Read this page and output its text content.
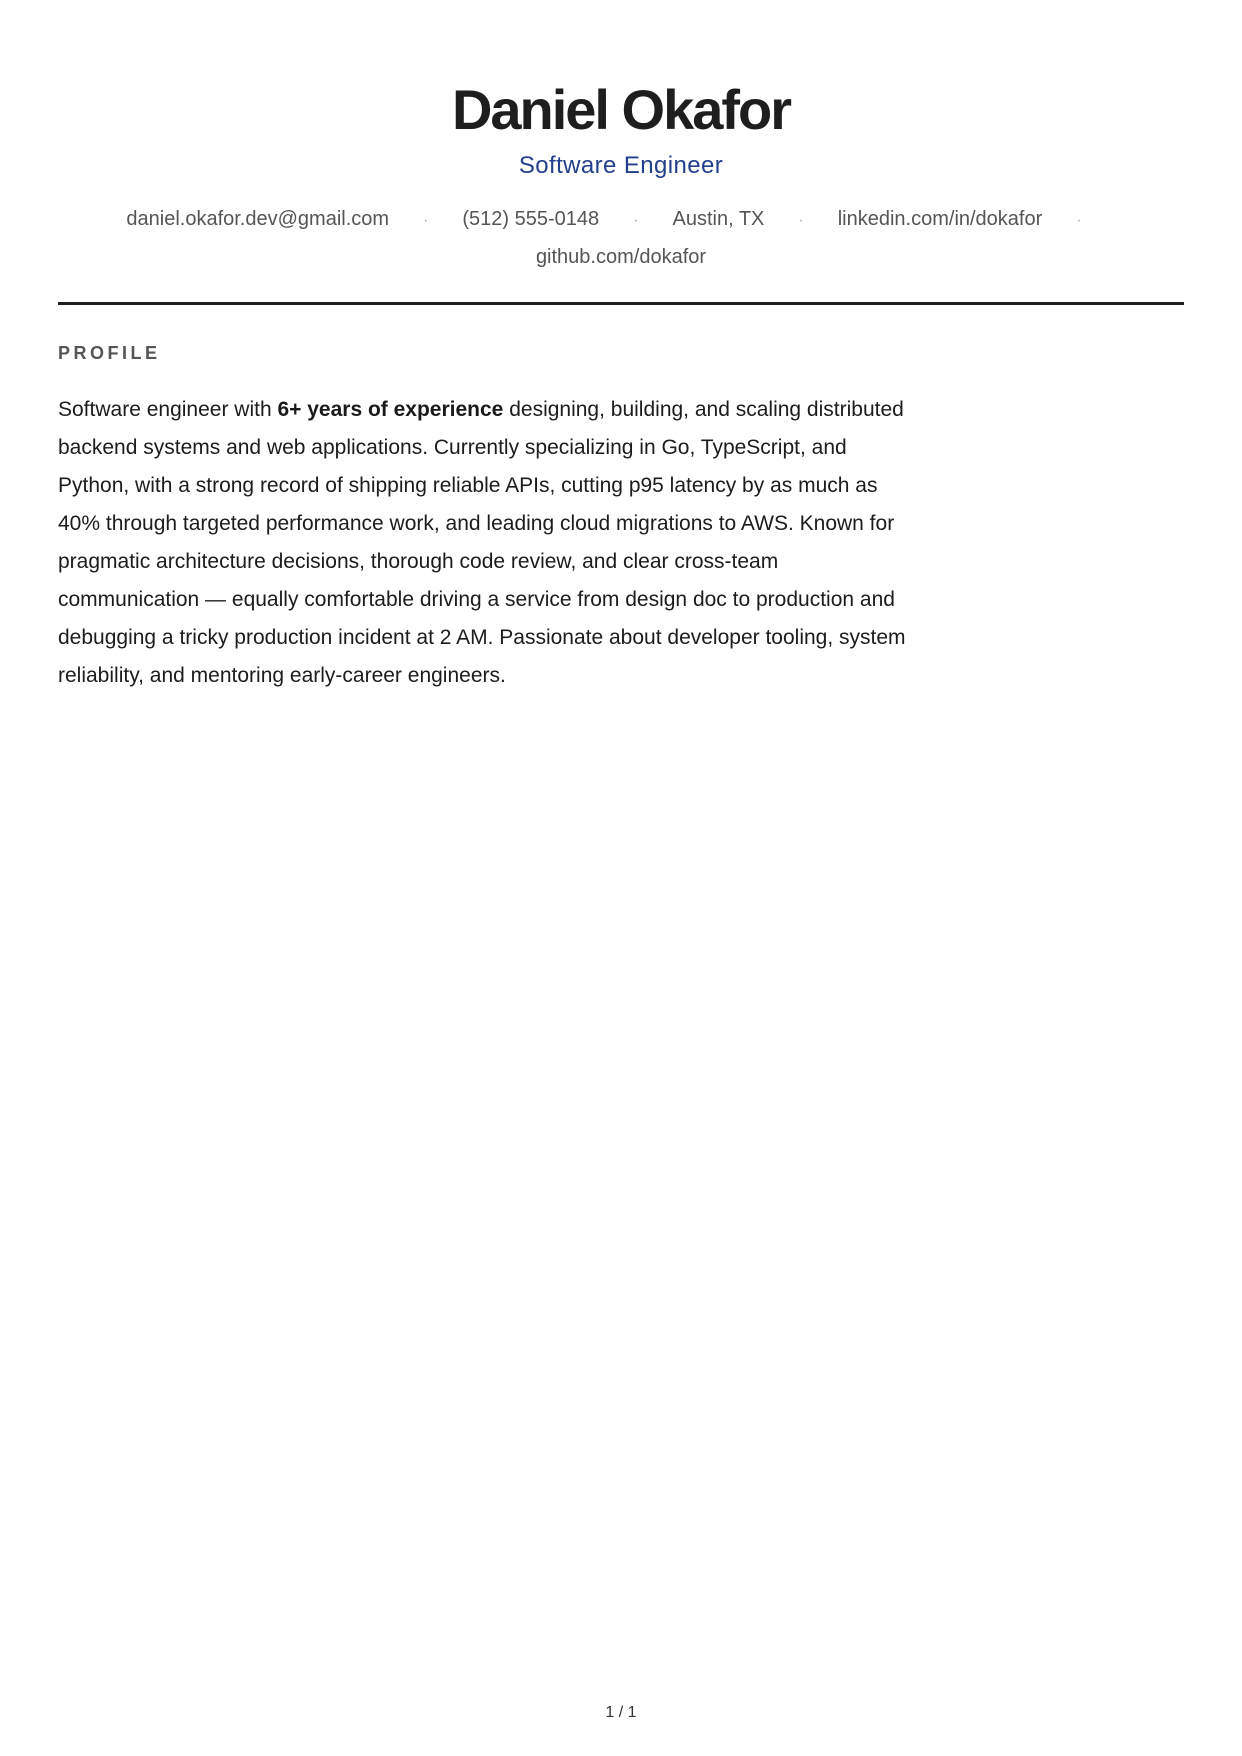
Daniel Okafor
Software Engineer
daniel.okafor.dev@gmail.com · (512) 555-0148 · Austin, TX · linkedin.com/in/dokafor ·
github.com/dokafor
PROFILE

Software engineer with 6+ years of experience designing, building, and scaling distributed backend systems and web applications. Currently specializing in Go, TypeScript, and Python, with a strong record of shipping reliable APIs, cutting p95 latency by as much as 40% through targeted performance work, and leading cloud migrations to AWS. Known for pragmatic architecture decisions, thorough code review, and clear cross-team communication — equally comfortable driving a service from design doc to production and debugging a tricky production incident at 2 AM. Passionate about developer tooling, system reliability, and mentoring early-career engineers.

1 / 1
